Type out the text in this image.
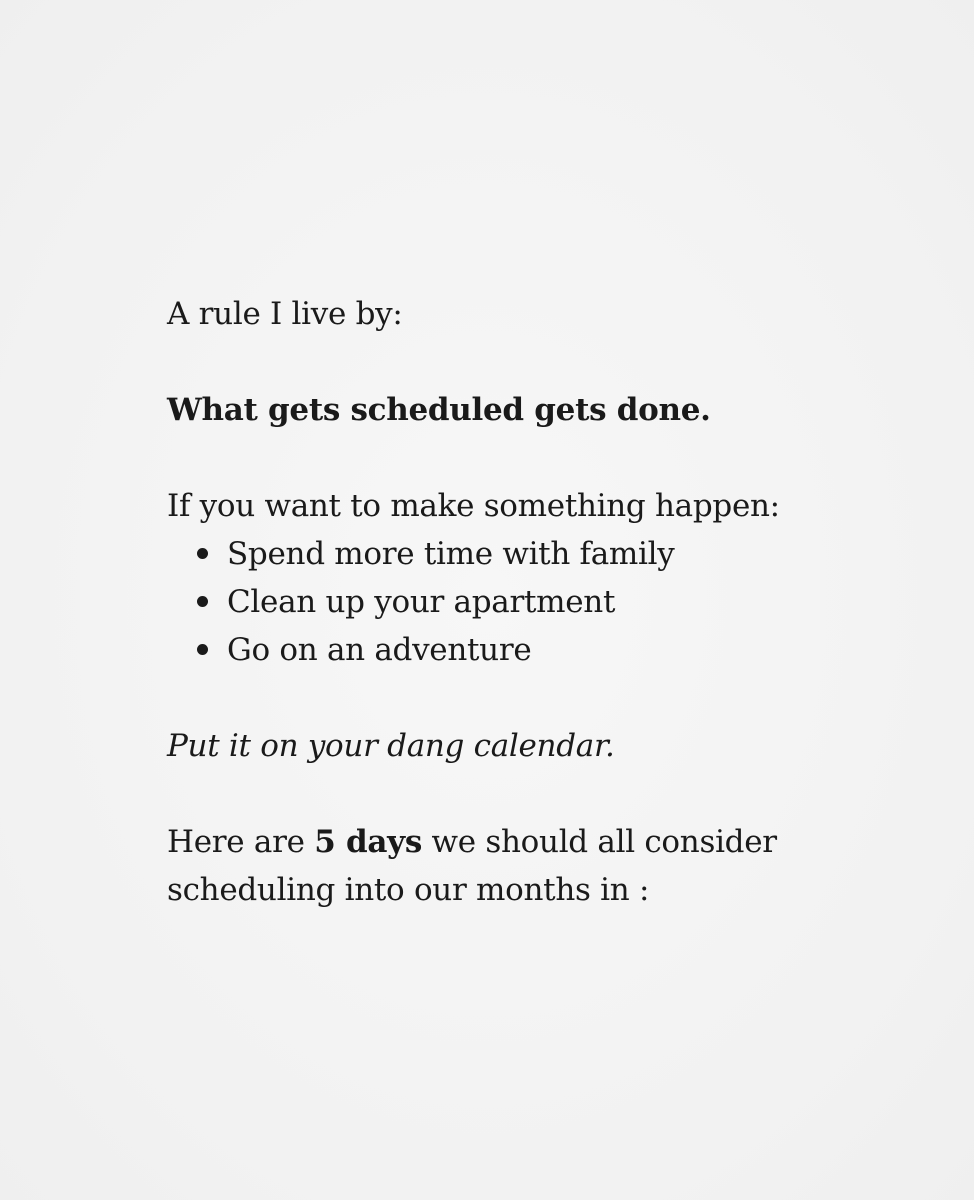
A rule I live by:

What gets scheduled gets done.

If you want to make something happen:

Spend more time with family
Clean up your apartment
Go on an adventure

Put it on your dang calendar.

Here are 5 days we should all consider

scheduling into our months in :
